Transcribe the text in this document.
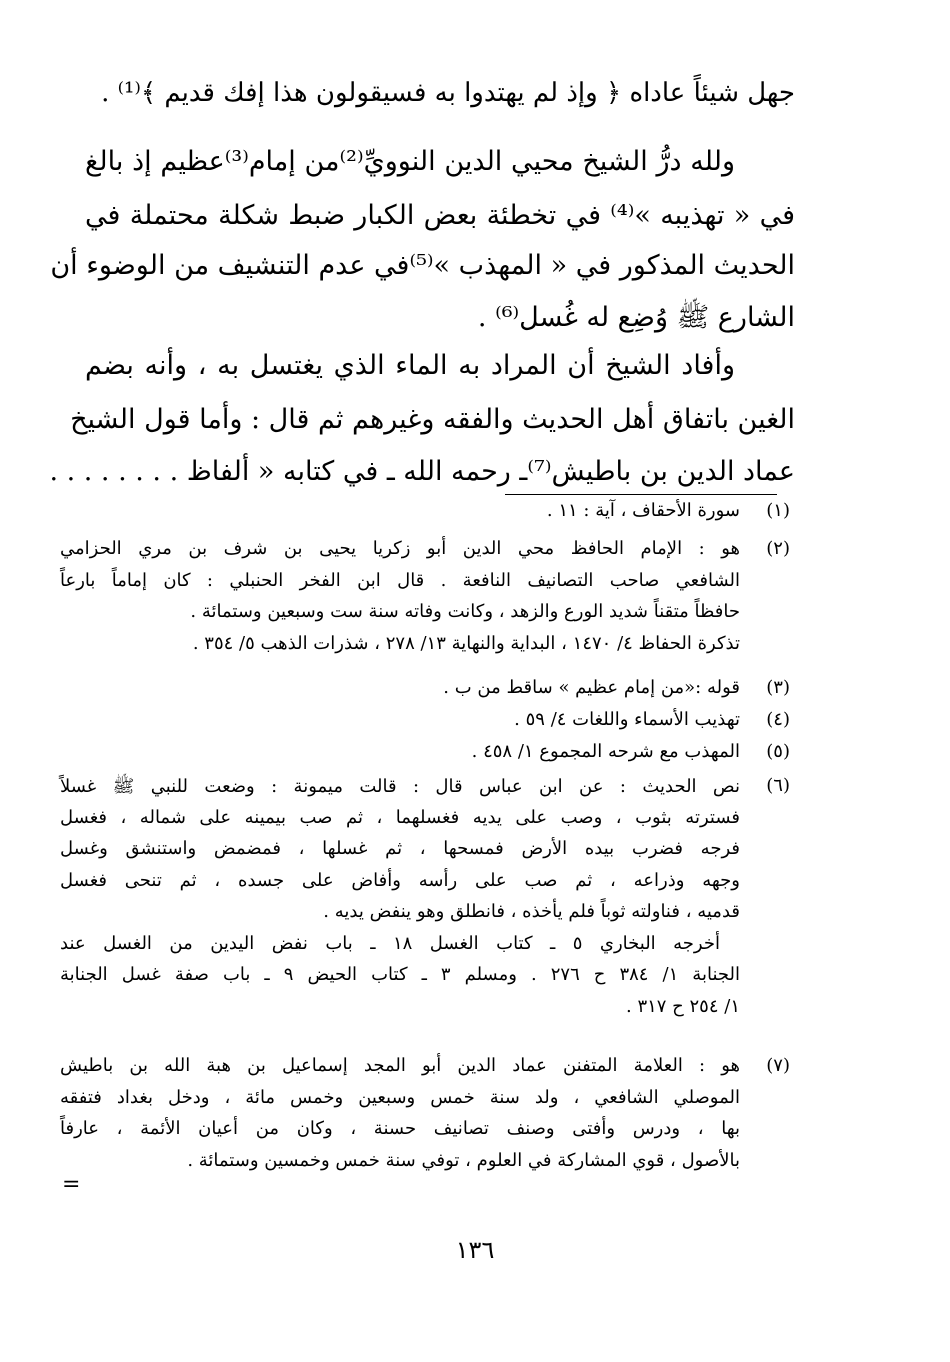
جهل شيئاً عاداه ﴿ وإذ لم يهتدوا به فسيقولون هذا إفك قديم ﴾⁽¹⁾ .
ولله درُّ الشيخ محيي الدين النوويِّ⁽²⁾من إمام⁽³⁾عظيم إذ بالغ
في « تهذيبه »⁽⁴⁾ في تخطئة بعض الكبار ضبط شكلة محتملة في
الحديث المذكور في « المهذب »⁽⁵⁾في عدم التنشيف من الوضوء أن
الشارع ﷺ وُضِع له غُسل⁽⁶⁾ .
وأفاد الشيخ أن المراد به الماء الذي يغتسل به ، وأنه بضم
الغين باتفاق أهل الحديث والفقه وغيرهم ثم قال : وأما قول الشيخ
عماد الدين بن باطيش⁽⁷⁾ـ رحمه الله ـ في كتابه « ألفاظ . . . . . . . .
(١)
سورة الأحقاف ، آية : ١١ .
(٢)
هو : الإمام الحافظ محي الدين أبو زكريا يحيى بن شرف بن مري الحزامي
الشافعي صاحب التصانيف النافعة . قال ابن الفخر الحنبلي : كان إماماً بارعاً
حافظاً متقناً شديد الورع والزهد ، وكانت وفاته سنة ست وسبعين وستمائة .
تذكرة الحفاظ ٤/ ١٤٧٠ ، البداية والنهاية ١٣/ ٢٧٨ ، شذرات الذهب ٥/ ٣٥٤ .
(٣)
قوله :«من إمام عظيم » ساقط من ب .
(٤)
تهذيب الأسماء واللغات ٤/ ٥٩ .
(٥)
المهذب مع شرحه المجموع ١/ ٤٥٨ .
(٦)
نص الحديث : عن ابن عباس قال : قالت ميمونة : وضعت للنبي ﷺ غسلاً
فسترته بثوب ، وصب على يديه فغسلهما ، ثم صب بيمينه على شماله ، فغسل
فرجه فضرب بيده الأرض فمسحها ، ثم غسلها ، فمضمض واستنشق وغسل
وجهه وذراعه ، ثم صب على رأسه وأفاض على جسده ، ثم تنحى فغسل
قدميه ، فناولته ثوباً فلم يأخذه ، فانطلق وهو ينفض يديه .
أخرجه البخاري ٥ ـ كتاب الغسل ١٨ ـ باب نفض اليدين من الغسل عند
الجنابة ١/ ٣٨٤ ح ٢٧٦ . ومسلم ٣ ـ كتاب الحيض ٩ ـ باب صفة غسل الجنابة
١/ ٢٥٤ ح ٣١٧ .
(٧)
هو : العلامة المتفنن عماد الدين أبو المجد إسماعيل بن هبة الله بن باطيش
الموصلي الشافعي ، ولد سنة خمس وسبعين وخمس مائة ، ودخل بغداد فتفقه
بها ، ودرس وأفتى وصنف تصانيف حسنة ، وكان من أعيان الأئمة ، عارفاً
بالأصول ، قوي المشاركة في العلوم ، توفي سنة خمس وخمسين وستمائة .
=
١٣٦
